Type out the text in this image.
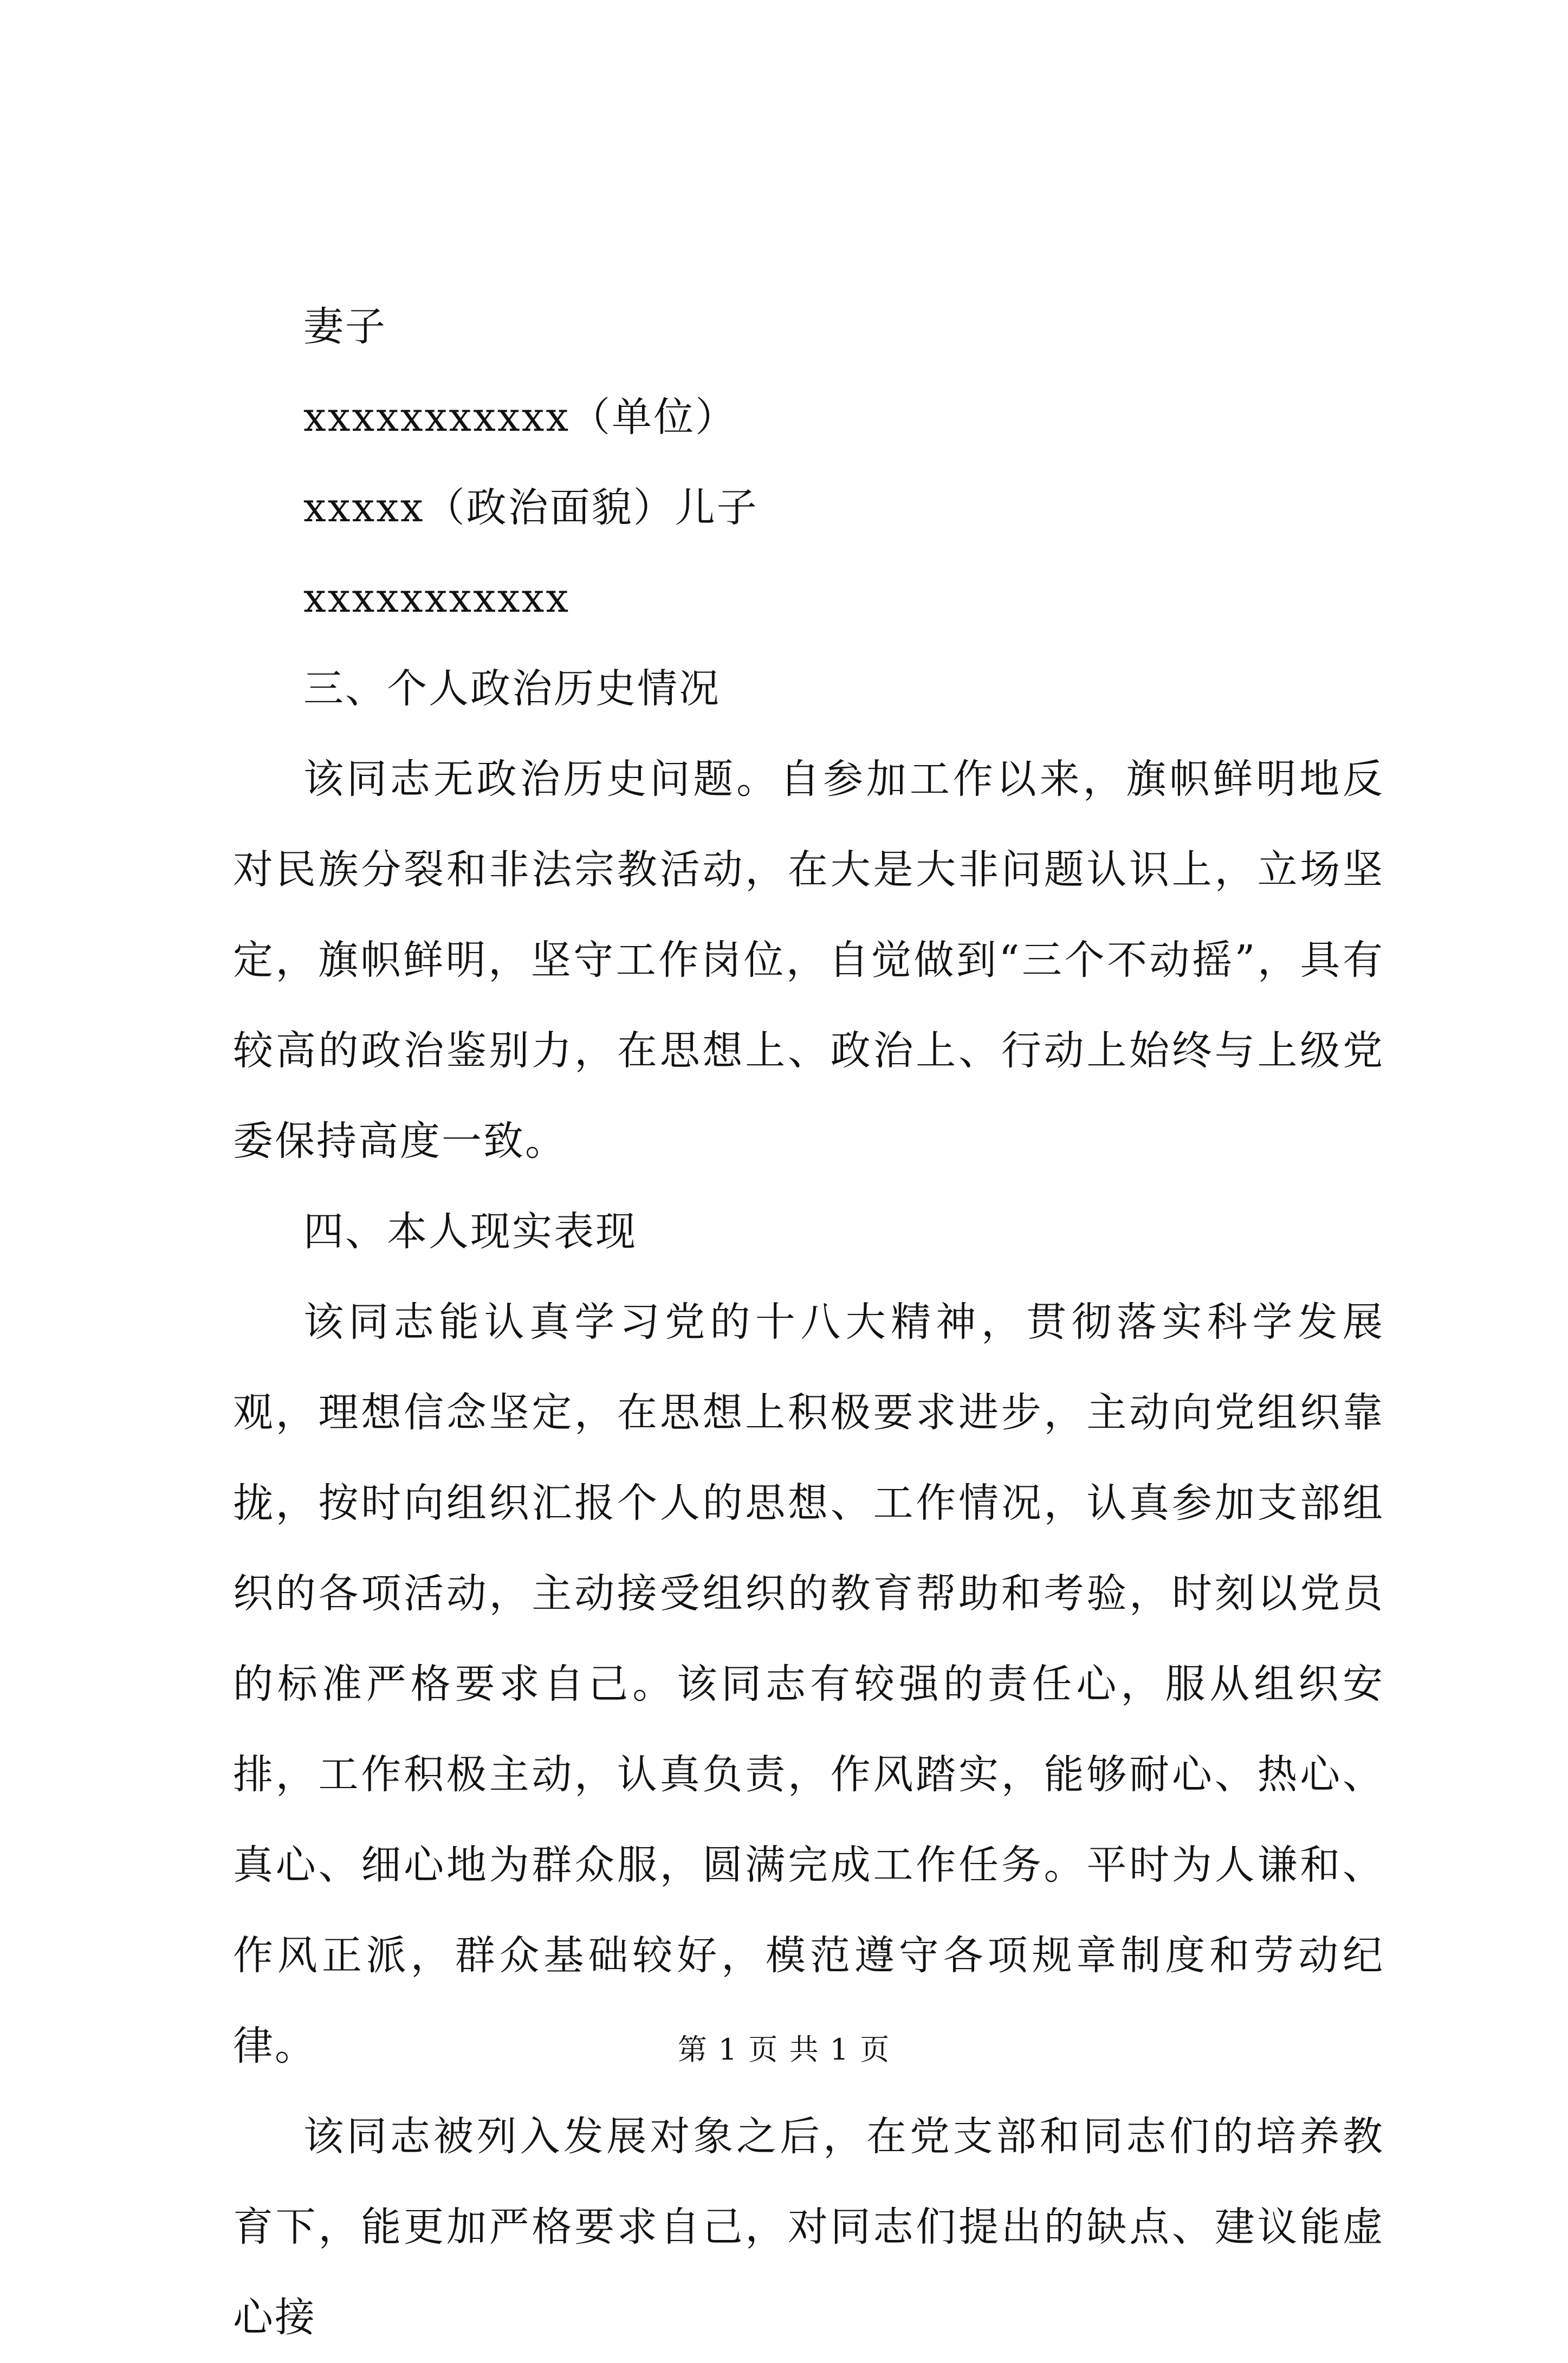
妻子
xxxxxxxxxxx（单位）
xxxxx（政治面貌）儿子
xxxxxxxxxxx
三、个人政治历史情况

该同志无政治历史问题。自参加工作以来，旗帜鲜明地反对民族分裂和非法宗教活动，在大是大非问题认识上，立场坚定，旗帜鲜明，坚守工作岗位，自觉做到“三个不动摇”，具有较高的政治鉴别力，在思想上、政治上、行动上始终与上级党委保持高度一致。

四、本人现实表现

该同志能认真学习党的十八大精神，贯彻落实科学发展观，理想信念坚定，在思想上积极要求进步，主动向党组织靠拢，按时向组织汇报个人的思想、工作情况，认真参加支部组织的各项活动，主动接受组织的教育帮助和考验，时刻以党员的标准严格要求自己。该同志有较强的责任心，服从组织安排，工作积极主动，认真负责，作风踏实，能够耐心、热心、真心、细心地为群众服，圆满完成工作任务。平时为人谦和、作风正派，群众基础较好，模范遵守各项规章制度和劳动纪律。

该同志被列入发展对象之后，在党支部和同志们的培养教育下，能更加严格要求自己，对同志们提出的缺点、建议能虚心接

第 1 页 共 1 页
